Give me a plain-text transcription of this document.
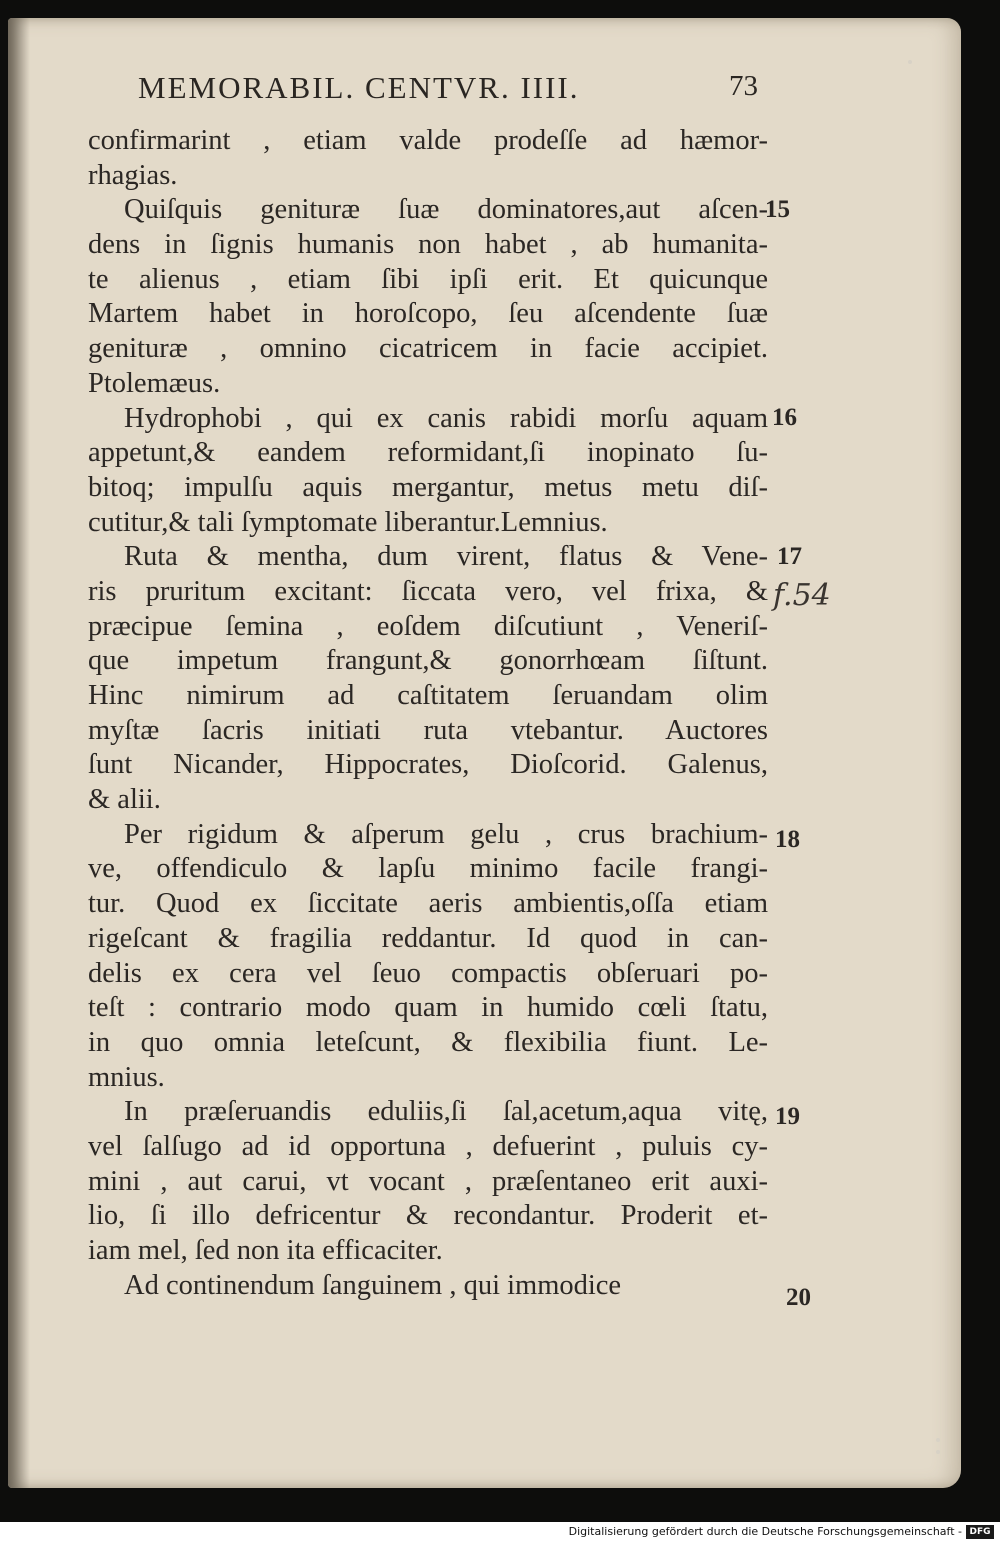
MEMORABIL. CENTVR. IIII.	73
confirmarint , etiam valde prodeſſe ad hæmor-
rhagias.
Quiſquis genituræ ſuæ dominatores,aut aſcen-
dens in ſignis humanis non habet , ab humanita-
te alienus , etiam ſibi ipſi erit. Et quicunque
Martem habet in horoſcopo, ſeu aſcendente ſuæ
genituræ , omnino cicatricem in facie accipiet.
Ptolemæus.
Hydrophobi , qui ex canis rabidi morſu aquam
appetunt,& eandem reformidant,ſi inopinato ſu-
bitoq; impulſu aquis mergantur, metus metu diſ-
cutitur,& tali ſymptomate liberantur.Lemnius.
Ruta & mentha, dum virent, flatus & Vene-
ris pruritum excitant: ſiccata vero, vel frixa, &
præcipue ſemina , eoſdem diſcutiunt , Veneriſ-
que impetum frangunt,& gonorrhœam ſiſtunt.
Hinc nimirum ad caſtitatem ſeruandam olim
myſtæ ſacris initiati ruta vtebantur. Auctores
ſunt Nicander, Hippocrates, Dioſcorid. Galenus,
& alii.
Per rigidum & aſperum gelu , crus brachium-
ve, offendiculo & lapſu minimo facile frangi-
tur. Quod ex ſiccitate aeris ambientis,oſſa etiam
rigeſcant & fragilia reddantur. Id quod in can-
delis ex cera vel ſeuo compactis obſeruari po-
teſt : contrario modo quam in humido cœli ſtatu,
in quo omnia leteſcunt, & flexibilia fiunt. Le-
mnius.
In præſeruandis eduliis,ſi ſal,acetum,aqua vitę,
vel ſalſugo ad id opportuna , defuerint , puluis cy-
mini , aut carui, vt vocant , præſentaneo erit auxi-
lio, ſi illo defricentur & recondantur. Proderit et-
iam mel, ſed non ita efficaciter.
Ad continendum ſanguinem , qui immodice
15
16
17
18
19
20
f.54
Digitalisierung gefördert durch die Deutsche Forschungsgemeinschaft - DFG
